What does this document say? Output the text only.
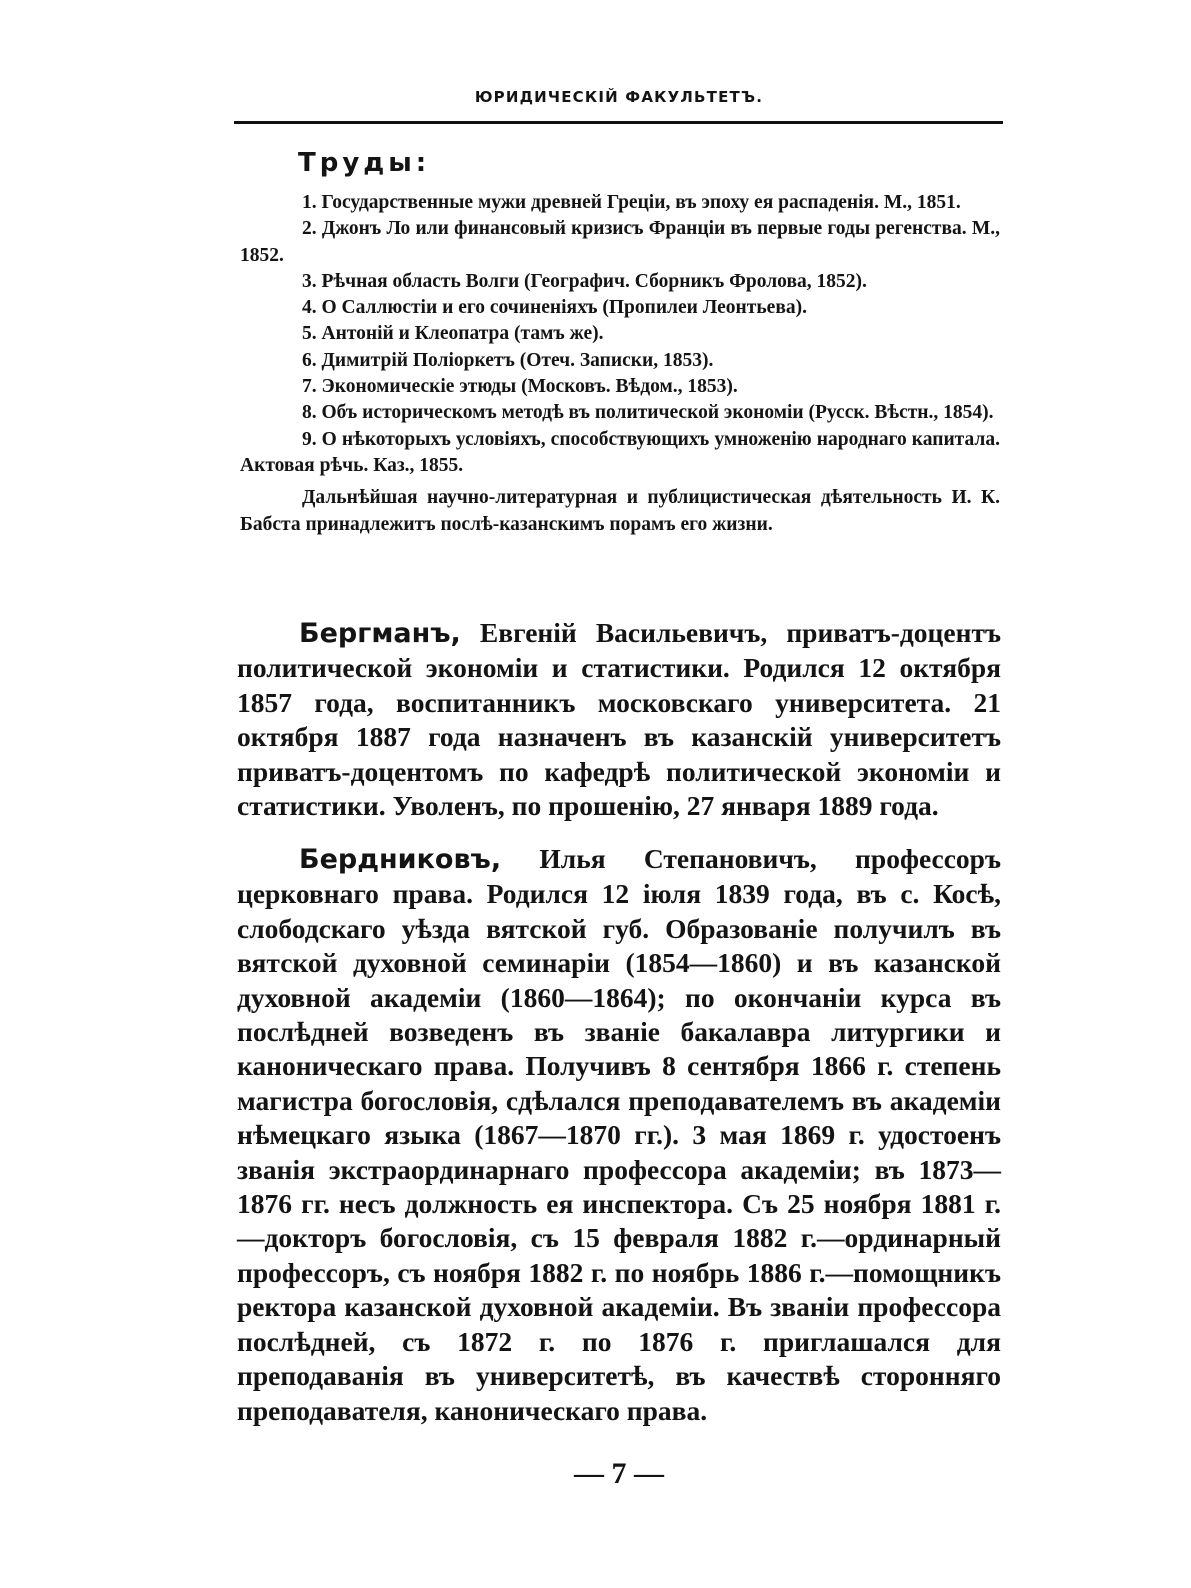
ЮРИДИЧЕСКІЙ ФАКУЛЬТЕТЪ.
Труды:

1. Государственные мужи древней Греціи, въ эпоху ея распаденія. М., 1851.

2. Джонъ Ло или финансовый кризисъ Франціи въ первые годы регенства. М., 1852.

3. Рѣчная область Волги (Географич. Сборникъ Фролова, 1852).

4. О Саллюстіи и его сочиненіяхъ (Пропилеи Леонтьева).

5. Антоній и Клеопатра (тамъ же).

6. Димитрій Поліоркетъ (Отеч. Записки, 1853).

7. Экономическіе этюды (Московъ. Вѣдом., 1853).

8. Объ историческомъ методѣ въ политической экономіи (Русск. Вѣстн., 1854).

9. О нѣкоторыхъ условіяхъ, способствующихъ умноженію народнаго капитала. Актовая рѣчь. Каз., 1855.

Дальнѣйшая научно-литературная и публицистическая дѣятельность И. К. Бабста принадлежитъ послѣ-казанскимъ порамъ его жизни.

Бергманъ, Евгеній Васильевичъ, приватъ-доцентъ политической экономіи и статистики. Родился 12 октября 1857 года, воспитанникъ московскаго университета. 21 октября 1887 года назначенъ въ казанскій университетъ приватъ-доцентомъ по кафедрѣ политической экономіи и статистики. Уволенъ, по прошенію, 27 января 1889 года.

Бердниковъ, Илья Степановичъ, профессоръ церковнаго права. Родился 12 іюля 1839 года, въ с. Косѣ, слободскаго уѣзда вятской губ. Образованіе получилъ въ вятской духовной семинаріи (1854—1860) и въ казанской духовной академіи (1860—1864); по окончаніи курса въ послѣдней возведенъ въ званіе бакалавра литургики и каноническаго права. Получивъ 8 сентября 1866 г. степень магистра богословія, сдѣлался преподавателемъ въ академіи нѣмецкаго языка (1867—1870 гг.). 3 мая 1869 г. удостоенъ званія экстраординарнаго профессора академіи; въ 1873—1876 гг. несъ должность ея инспектора. Съ 25 ноября 1881 г.—докторъ богословія, съ 15 февраля 1882 г.—ординарный профессоръ, съ ноября 1882 г. по ноябрь 1886 г.—помощникъ ректора казанской духовной академіи. Въ званіи профессора послѣдней, съ 1872 г. по 1876 г. приглашался для преподаванія въ университетѣ, въ качествѣ сторонняго преподавателя, каноническаго права.

— 7 —
